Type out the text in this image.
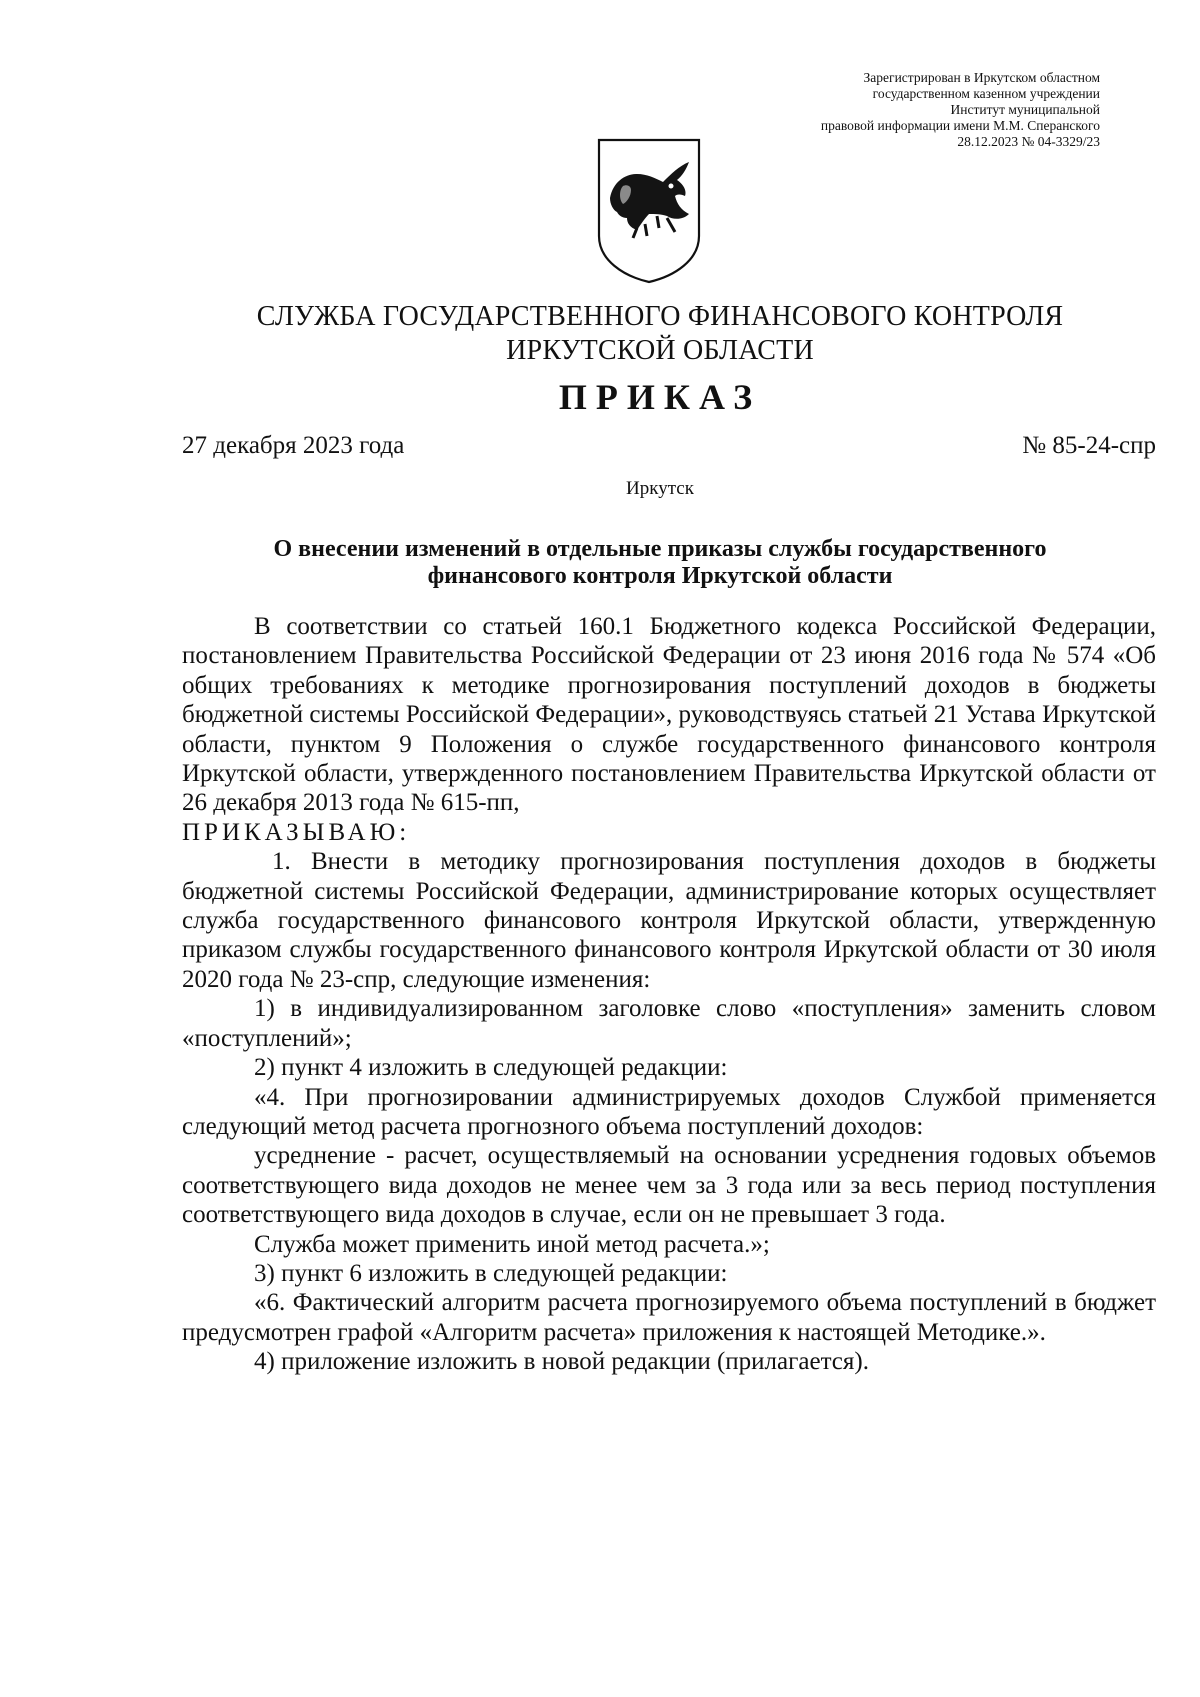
Зарегистрирован в Иркутском областном
государственном казенном учреждении
Институт муниципальной
правовой информации имени М.М. Сперанского
28.12.2023 № 04-3329/23
СЛУЖБА ГОСУДАРСТВЕННОГО ФИНАНСОВОГО КОНТРОЛЯ
ИРКУТСКОЙ ОБЛАСТИ
ПРИКАЗ
27 декабря 2023 года	№ 85-24-спр
Иркутск
О внесении изменений в отдельные приказы службы государственного
финансового контроля Иркутской области

В соответствии со статьей 160.1 Бюджетного кодекса Российской Федерации, постановлением Правительства Российской Федерации от 23 июня 2016 года № 574 «Об общих требованиях к методике прогнозирования поступлений доходов в бюджеты бюджетной системы Российской Федерации», руководствуясь статьей 21 Устава Иркутской области, пунктом 9 Положения о службе государственного финансового контроля Иркутской области, утвержденного постановлением Правительства Иркутской области от 26 декабря 2013 года № 615-пп,

ПРИКАЗЫВАЮ:

1. Внести в методику прогнозирования поступления доходов в бюджеты бюджетной системы Российской Федерации, администрирование которых осуществляет служба государственного финансового контроля Иркутской области, утвержденную приказом службы государственного финансового контроля Иркутской области от 30 июля 2020 года № 23-спр, следующие изменения:

1) в индивидуализированном заголовке слово «поступления» заменить словом «поступлений»;

2) пункт 4 изложить в следующей редакции:

«4. При прогнозировании администрируемых доходов Службой применяется следующий метод расчета прогнозного объема поступлений доходов:

усреднение - расчет, осуществляемый на основании усреднения годовых объемов соответствующего вида доходов не менее чем за 3 года или за весь период поступления соответствующего вида доходов в случае, если он не превышает 3 года.

Служба может применить иной метод расчета.»;

3) пункт 6 изложить в следующей редакции:

«6. Фактический алгоритм расчета прогнозируемого объема поступлений в бюджет предусмотрен графой «Алгоритм расчета» приложения к настоящей Методике.».

4) приложение изложить в новой редакции (прилагается).
